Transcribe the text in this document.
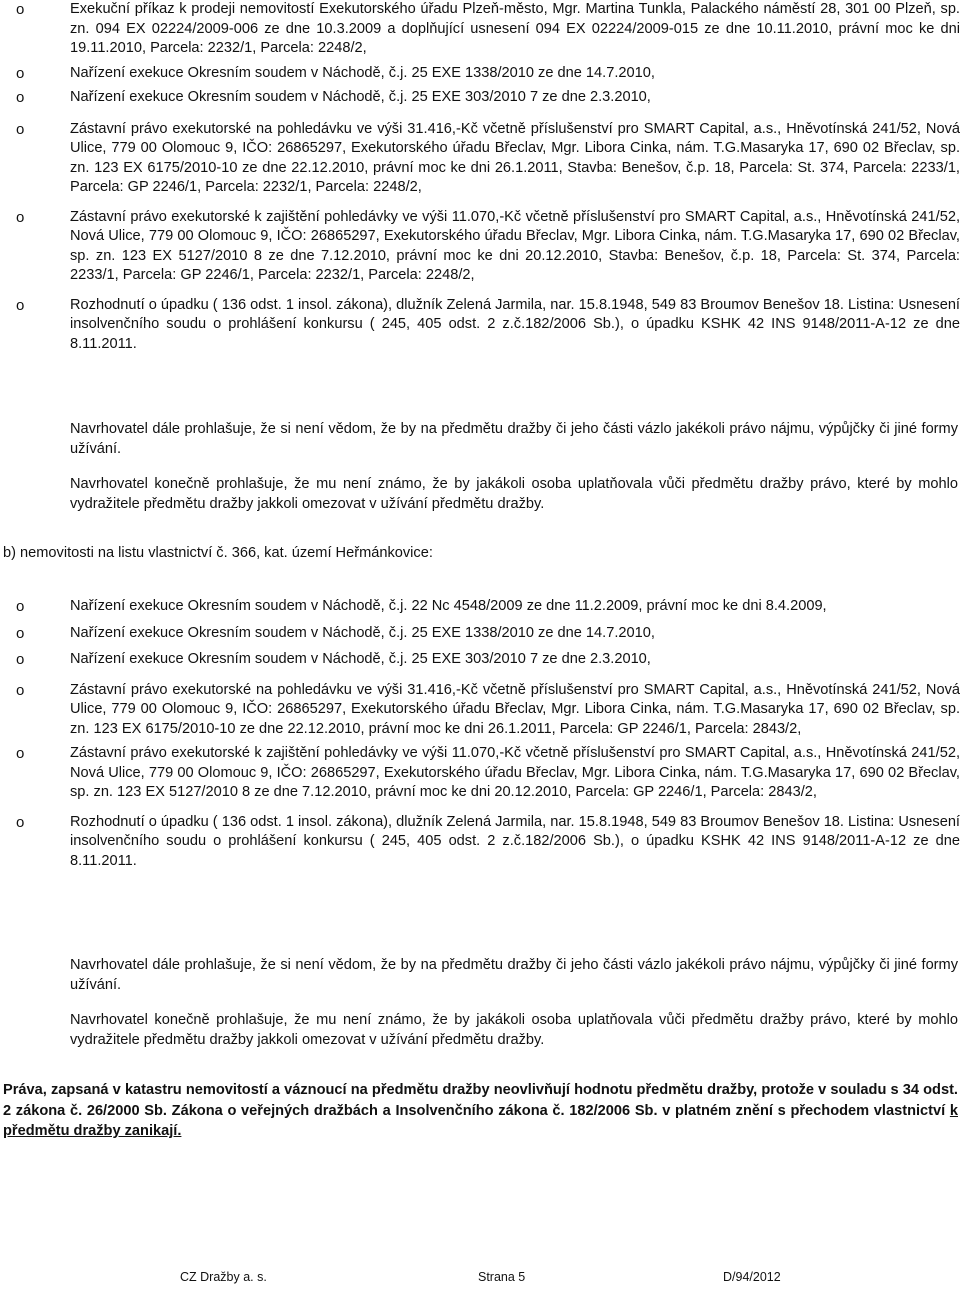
o	Exekuční příkaz k prodeji nemovitostí Exekutorského úřadu Plzeň-město, Mgr. Martina Tunkla, Palackého náměstí 28, 301 00 Plzeň, sp. zn. 094 EX 02224/2009-006 ze dne 10.3.2009 a doplňující usnesení 094 EX 02224/2009-015 ze dne 10.11.2010, právní moc ke dni 19.11.2010, Parcela: 2232/1, Parcela: 2248/2,
o	Nařízení exekuce Okresním soudem v Náchodě, č.j. 25 EXE 1338/2010 ze dne 14.7.2010,
o	Nařízení exekuce Okresním soudem v Náchodě, č.j. 25 EXE 303/2010 7 ze dne 2.3.2010,
o	Zástavní právo exekutorské na pohledávku ve výši 31.416,-Kč včetně příslušenství pro SMART Capital, a.s., Hněvotínská 241/52, Nová Ulice, 779 00 Olomouc 9, IČO: 26865297, Exekutorského úřadu Břeclav, Mgr. Libora Cinka, nám. T.G.Masaryka 17, 690 02 Břeclav, sp. zn. 123 EX 6175/2010-10 ze dne 22.12.2010, právní moc ke dni 26.1.2011, Stavba: Benešov, č.p. 18, Parcela: St. 374, Parcela: 2233/1, Parcela: GP 2246/1, Parcela: 2232/1, Parcela: 2248/2,
o	Zástavní právo exekutorské k zajištění pohledávky ve výši 11.070,-Kč včetně příslušenství pro SMART Capital, a.s., Hněvotínská 241/52, Nová Ulice, 779 00 Olomouc 9, IČO: 26865297, Exekutorského úřadu Břeclav, Mgr. Libora Cinka, nám. T.G.Masaryka 17, 690 02 Břeclav, sp. zn. 123 EX 5127/2010 8 ze dne 7.12.2010, právní moc ke dni 20.12.2010, Stavba: Benešov, č.p. 18, Parcela: St. 374, Parcela: 2233/1, Parcela: GP 2246/1, Parcela: 2232/1, Parcela: 2248/2,
o	Rozhodnutí o úpadku ( 136 odst. 1 insol. zákona), dlužník Zelená Jarmila, nar. 15.8.1948, 549 83 Broumov Benešov 18. Listina: Usnesení insolvenčního soudu o prohlášení konkursu ( 245, 405 odst. 2 z.č.182/2006 Sb.), o úpadku KSHK 42 INS 9148/2011-A-12 ze dne 8.11.2011.

Navrhovatel dále prohlašuje, že si není vědom, že by na předmětu dražby či jeho části vázlo jakékoli právo nájmu, výpůjčky či jiné formy užívání.

Navrhovatel konečně prohlašuje, že mu není známo, že by jakákoli osoba uplatňovala vůči předmětu dražby právo, které by mohlo vydražitele předmětu dražby jakkoli omezovat v užívání předmětu dražby.

b) nemovitosti na listu vlastnictví č. 366, kat. území Heřmánkovice:

o	Nařízení exekuce Okresním soudem v Náchodě, č.j. 22 Nc 4548/2009 ze dne 11.2.2009, právní moc ke dni 8.4.2009,
o	Nařízení exekuce Okresním soudem v Náchodě, č.j. 25 EXE 1338/2010 ze dne 14.7.2010,
o	Nařízení exekuce Okresním soudem v Náchodě, č.j. 25 EXE 303/2010 7 ze dne 2.3.2010,
o	Zástavní právo exekutorské na pohledávku ve výši 31.416,-Kč včetně příslušenství pro SMART Capital, a.s., Hněvotínská 241/52, Nová Ulice, 779 00 Olomouc 9, IČO: 26865297, Exekutorského úřadu Břeclav, Mgr. Libora Cinka, nám. T.G.Masaryka 17, 690 02 Břeclav, sp. zn. 123 EX 6175/2010-10 ze dne 22.12.2010, právní moc ke dni 26.1.2011, Parcela: GP 2246/1, Parcela: 2843/2,
o	Zástavní právo exekutorské k zajištění pohledávky ve výši 11.070,-Kč včetně příslušenství pro SMART Capital, a.s., Hněvotínská 241/52, Nová Ulice, 779 00 Olomouc 9, IČO: 26865297, Exekutorského úřadu Břeclav, Mgr. Libora Cinka, nám. T.G.Masaryka 17, 690 02 Břeclav, sp. zn. 123 EX 5127/2010 8 ze dne 7.12.2010, právní moc ke dni 20.12.2010, Parcela: GP 2246/1, Parcela: 2843/2,
o	Rozhodnutí o úpadku ( 136 odst. 1 insol. zákona), dlužník Zelená Jarmila, nar. 15.8.1948, 549 83 Broumov Benešov 18. Listina: Usnesení insolvenčního soudu o prohlášení konkursu ( 245, 405 odst. 2 z.č.182/2006 Sb.), o úpadku KSHK 42 INS 9148/2011-A-12 ze dne 8.11.2011.

Navrhovatel dále prohlašuje, že si není vědom, že by na předmětu dražby či jeho části vázlo jakékoli právo nájmu, výpůjčky či jiné formy užívání.

Navrhovatel konečně prohlašuje, že mu není známo, že by jakákoli osoba uplatňovala vůči předmětu dražby právo, které by mohlo vydražitele předmětu dražby jakkoli omezovat v užívání předmětu dražby.

Práva, zapsaná v katastru nemovitostí a váznoucí na předmětu dražby neovlivňují hodnotu předmětu dražby, protože v souladu s 34 odst. 2 zákona č. 26/2000 Sb. Zákona o veřejných dražbách a Insolvenčního zákona č. 182/2006 Sb. v platném znění s přechodem vlastnictví k předmětu dražby zanikají.

CZ Dražby a. s.	Strana 5	D/94/2012
